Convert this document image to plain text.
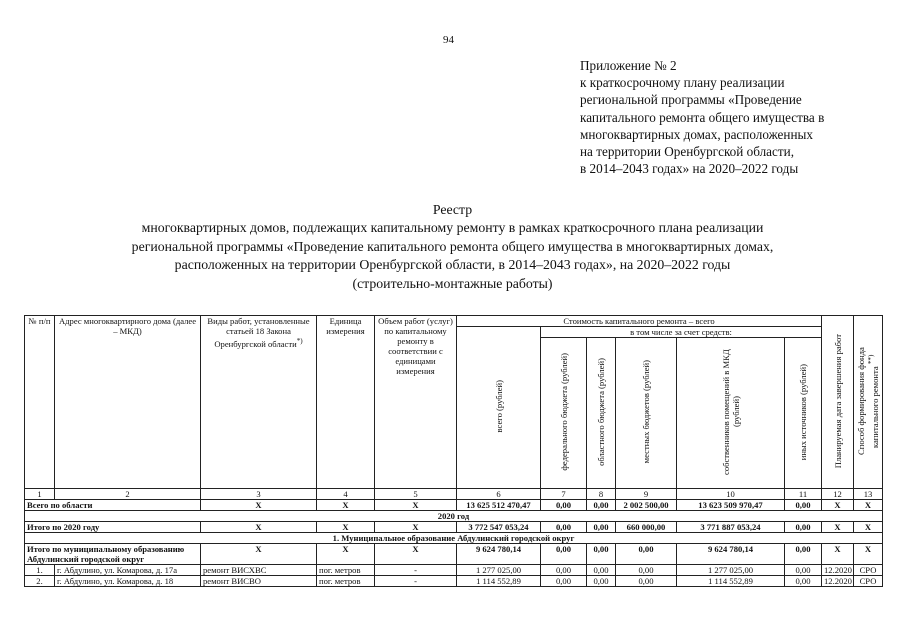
94
Приложение № 2
к краткосрочному плану реализации
региональной программы «Проведение
капитального ремонта общего имущества в
многоквартирных домах, расположенных
на территории Оренбургской области,
в 2014–2043 годах» на 2020–2022 годы
Реестр
многоквартирных домов, подлежащих капитальному ремонту в рамках краткосрочного плана реализации
региональной программы «Проведение капитального ремонта общего имущества в многоквартирных домах,
расположенных на территории Оренбургской области, в 2014–2043 годах», на 2020–2022 годы
(строительно-монтажные работы)
№ п/п	Адрес многоквартирного дома (далее – МКД)	Виды работ, установленные статьей 18 Закона Оренбургской области*)	Единица измерения	Объем работ (услуг) по капитальному ремонту в соответствии с единицами измерения	Стоимость капитального ремонта – всего						Планируемая дата завершения работ	Способ формирования фонда капитального ремонта **)
					всего (рублей)	в том числе за счет средств:						
						федерального бюджета (рублей)	областного бюджета (рублей)	местных бюджетов (рублей)	собственников помещений в МКД (рублей)	иных источников (рублей)		
1	2	3	4	5	6	7	8	9	10	11	12	13
Всего по области		X	X	X	13 625 512 470,47	0,00	0,00	2 002 500,00	13 623 509 970,47	0,00	X	X
2020 год												
Итого по 2020 году		X	X	X	3 772 547 053,24	0,00	0,00	660 000,00	3 771 887 053,24	0,00	X	X
1. Муниципальное образование Абдулинский городской округ												
Итого по муниципальному образованию Абдулинский городской округ		X	X	X	9 624 780,14	0,00	0,00	0,00	9 624 780,14	0,00	X	X
1.	г. Абдулино, ул. Комарова, д. 17а	ремонт ВИСХВС	пог. метров	-	1 277 025,00	0,00	0,00	0,00	1 277 025,00	0,00	12.2020	СРО
2.	г. Абдулино, ул. Комарова, д. 18	ремонт ВИСВО	пог. метров	-	1 114 552,89	0,00	0,00	0,00	1 114 552,89	0,00	12.2020	СРО
